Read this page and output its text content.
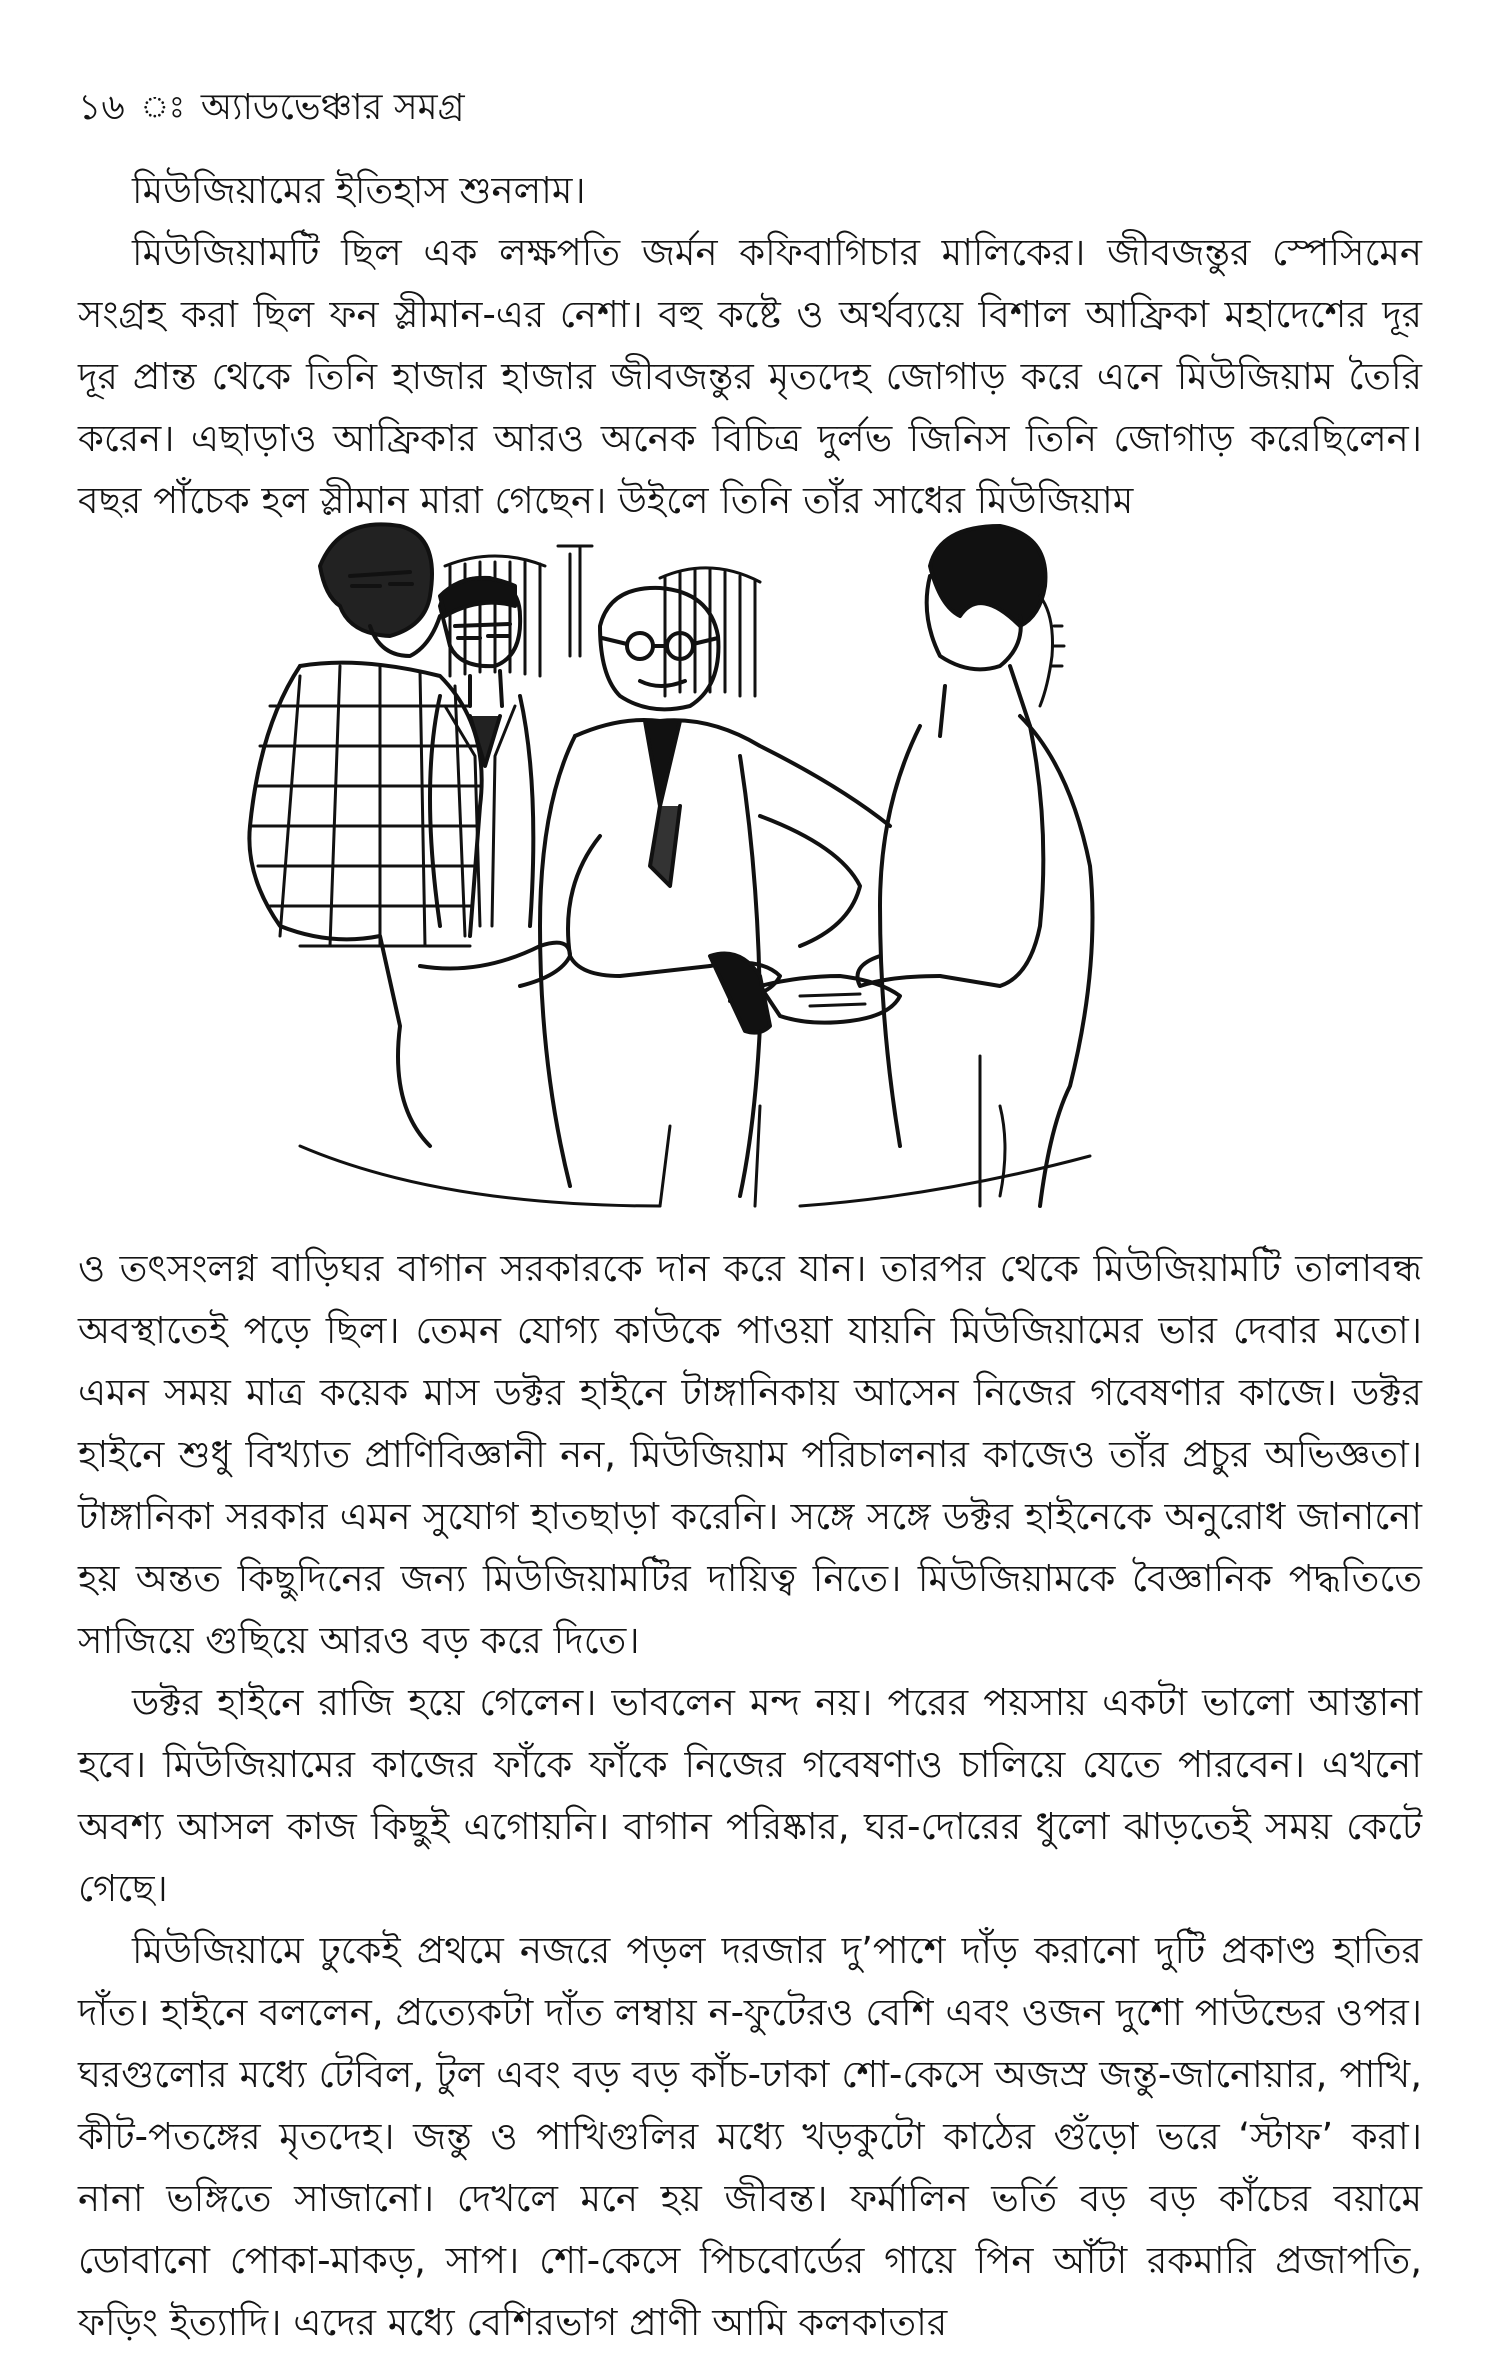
১৬ ঃ অ্যাডভেঞ্চার সমগ্র

মিউজিয়ামের ইতিহাস শুনলাম।

মিউজিয়ামটি ছিল এক লক্ষপতি জর্মন কফিবাগিচার মালিকের। জীবজন্তুর স্পেসিমেন সংগ্রহ করা ছিল ফন স্লীমান-এর নেশা। বহু কষ্টে ও অর্থব্যয়ে বিশাল আফ্রিকা মহাদেশের দূর দূর প্রান্ত থেকে তিনি হাজার হাজার জীবজন্তুর মৃতদেহ জোগাড় করে এনে মিউজিয়াম তৈরি করেন। এছাড়াও আফ্রিকার আরও অনেক বিচিত্র দুর্লভ জিনিস তিনি জোগাড় করেছিলেন। বছর পাঁচেক হল স্লীমান মারা গেছেন। উইলে তিনি তাঁর সাধের মিউজিয়াম

ও তৎসংলগ্ন বাড়িঘর বাগান সরকারকে দান করে যান। তারপর থেকে মিউজিয়ামটি তালাবন্ধ অবস্থাতেই পড়ে ছিল। তেমন যোগ্য কাউকে পাওয়া যায়নি মিউজিয়ামের ভার দেবার মতো। এমন সময় মাত্র কয়েক মাস ডক্টর হাইনে টাঙ্গানিকায় আসেন নিজের গবেষণার কাজে। ডক্টর হাইনে শুধু বিখ্যাত প্রাণিবিজ্ঞানী নন, মিউজিয়াম পরিচালনার কাজেও তাঁর প্রচুর অভিজ্ঞতা। টাঙ্গানিকা সরকার এমন সুযোগ হাতছাড়া করেনি। সঙ্গে সঙ্গে ডক্টর হাইনেকে অনুরোধ জানানো হয় অন্তত কিছুদিনের জন্য মিউজিয়ামটির দায়িত্ব নিতে। মিউজিয়ামকে বৈজ্ঞানিক পদ্ধতিতে সাজিয়ে গুছিয়ে আরও বড় করে দিতে।

ডক্টর হাইনে রাজি হয়ে গেলেন। ভাবলেন মন্দ নয়। পরের পয়সায় একটা ভালো আস্তানা হবে। মিউজিয়ামের কাজের ফাঁকে ফাঁকে নিজের গবেষণাও চালিয়ে যেতে পারবেন। এখনো অবশ্য আসল কাজ কিছুই এগোয়নি। বাগান পরিষ্কার, ঘর-দোরের ধুলো ঝাড়তেই সময় কেটে গেছে।

মিউজিয়ামে ঢুকেই প্রথমে নজরে পড়ল দরজার দু’পাশে দাঁড় করানো দুটি প্রকাণ্ড হাতির দাঁত। হাইনে বললেন, প্রত্যেকটা দাঁত লম্বায় ন-ফুটেরও বেশি এবং ওজন দুশো পাউন্ডের ওপর। ঘরগুলোর মধ্যে টেবিল, টুল এবং বড় বড় কাঁচ-ঢাকা শো-কেসে অজস্র জন্তু-জানোয়ার, পাখি, কীট-পতঙ্গের মৃতদেহ। জন্তু ও পাখিগুলির মধ্যে খড়কুটো কাঠের গুঁড়ো ভরে ‘স্টাফ’ করা। নানা ভঙ্গিতে সাজানো। দেখলে মনে হয় জীবন্ত। ফর্মালিন ভর্তি বড় বড় কাঁচের বয়ামে ডোবানো পোকা-মাকড়, সাপ। শো-কেসে পিচবোর্ডের গায়ে পিন আঁটা রকমারি প্রজাপতি, ফড়িং ইত্যাদি। এদের মধ্যে বেশিরভাগ প্রাণী আমি কলকাতার
